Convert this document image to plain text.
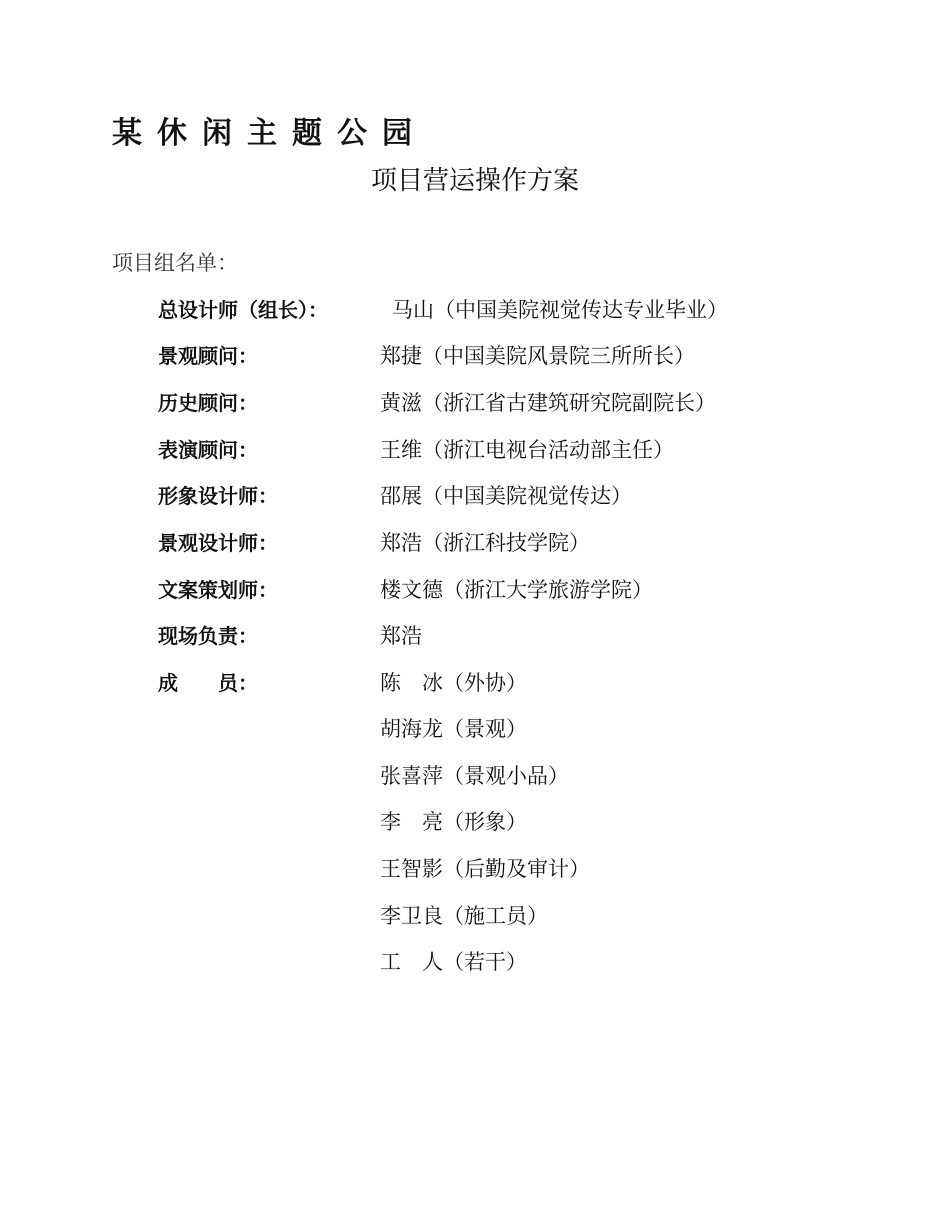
某休闲主题公园
项目营运操作方案
项目组名单：
总设计师（组长）：	马山（中国美院视觉传达专业毕业）
景观顾问：	郑捷（中国美院风景院三所所长）
历史顾问：	黄滋（浙江省古建筑研究院副院长）
表演顾问：	王维（浙江电视台活动部主任）
形象设计师：	邵展（中国美院视觉传达）
景观设计师：	郑浩（浙江科技学院）
文案策划师：	楼文德（浙江大学旅游学院）
现场负责：	郑浩
成　　员：	陈　冰（外协）
胡海龙（景观）
张喜萍（景观小品）
李　亮（形象）
王智影（后勤及审计）
李卫良（施工员）
工　人（若干）
